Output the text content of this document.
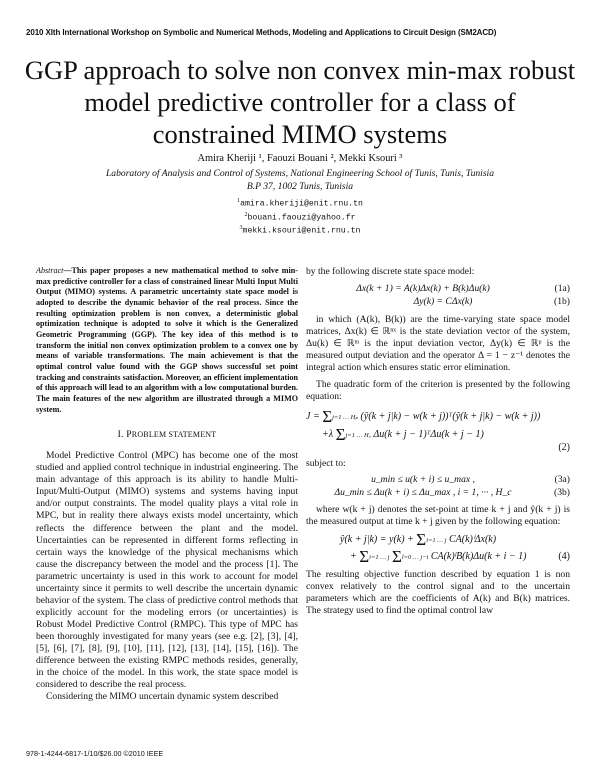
2010 XIth International Workshop on Symbolic and Numerical Methods, Modeling and Applications to Circuit Design (SM2ACD)
GGP approach to solve non convex min-max robust
model predictive controller for a class of
constrained MIMO systems
Amira Kheriji ¹, Faouzi Bouani ², Mekki Ksouri ³
Laboratory of Analysis and Control of Systems, National Engineering School of Tunis, Tunis, Tunisia
B.P 37, 1002 Tunis, Tunisia
$^1$amira.kheriji@enit.rnu.tn
$^2$bouani.faouzi@yahoo.fr
$^3$mekki.ksouri@enit.rnu.tn

Abstract—This paper proposes a new mathematical method to solve min-max predictive controller for a class of constrained linear Multi Input Multi Output (MIMO) systems. A parametric uncertainty state space model is adopted to describe the dynamic behavior of the real process. Since the resulting optimization problem is non convex, a deterministic global optimization technique is adopted to solve it which is the Generalized Geometric Programming (GGP). The key idea of this method is to transform the initial non convex optimization problem to a convex one by means of variable transformations. The main achievement is that the optimal control value found with the GGP shows successful set point tracking and constraints satisfaction. Moreover, an efficient implementation of this approach will lead to an algorithm with a low computational burden. The main features of the new algorithm are illustrated through a MIMO system.

I. PROBLEM STATEMENT

Model Predictive Control (MPC) has become one of the most studied and applied control technique in industrial engineering. The main advantage of this approach is its ability to handle Multi-Input/Multi-Output (MIMO) systems and systems having input and/or output constraints. The model quality plays a vital role in MPC, but in reality there always exists model uncertainty, which reflects the difference between the plant and the model. Uncertainties can be represented in different forms reflecting in certain ways the knowledge of the physical mechanisms which cause the discrepancy between the model and the process [1]. The parametric uncertainty is used in this work to account for model uncertainty since it permits to well describe the uncertain dynamic behavior of the system. The class of predictive control methods that explicitly account for the modeling errors (or uncertainties) is Robust Model Predictive Control (RMPC). This type of MPC has been thoroughly investigated for many years (see e.g. [2], [3], [4], [5], [6], [7], [8], [9], [10], [11], [12], [13], [14], [15], [16]). The difference between the existing RMPC methods resides, generally, in the choice of the model. In this work, the state space model is considered to describe the real process.

Considering the MIMO uncertain dynamic system described

by the following discrete state space model:

Δx(k + 1) = A(k)Δx(k) + B(k)Δu(k)	(1a)
Δy(k) = CΔx(k)	(1b)

in which (A(k), B(k)) are the time-varying state space model matrices, Δx(k) ∈ ℝⁿˣ is the state deviation vector of the system, Δu(k) ∈ ℝᵐ is the input deviation vector, Δy(k) ∈ ℝᵖ is the measured output deviation and the operator Δ = 1 − z⁻¹ denotes the integral action which ensures static error elimination.

The quadratic form of the criterion is presented by the following equation:

J = Σj=1 … Hₚ (ŷ(k + j|k) − w(k + j))ᵀ(ŷ(k + j|k) − w(k + j))
+λ Σj=1 … H꜀ Δu(k + j − 1)ᵀΔu(k + j − 1)
(2)

subject to:

u_min ≤ u(k + i) ≤ u_max ,	(3a)
Δu_min ≤ Δu(k + i) ≤ Δu_max , i = 1, ··· , H_c	(3b)

where w(k + j) denotes the set-point at time k + j and ŷ(k + j) is the measured output at time k + j given by the following equation:

ŷ(k + j|k) = y(k) + Σi=1 … j CA(k)ⁱΔx(k)
+ Σi=1 … j Σl=0 … j−i CA(k)ˡB(k)Δu(k + i − 1)	(4)

The resulting objective function described by equation 1 is non convex relatively to the control signal and to the uncertain parameters which are the coefficients of A(k) and B(k) matrices. The strategy used to find the optimal control law

978-1-4244-6817-1/10/$26.00 ©2010 IEEE
